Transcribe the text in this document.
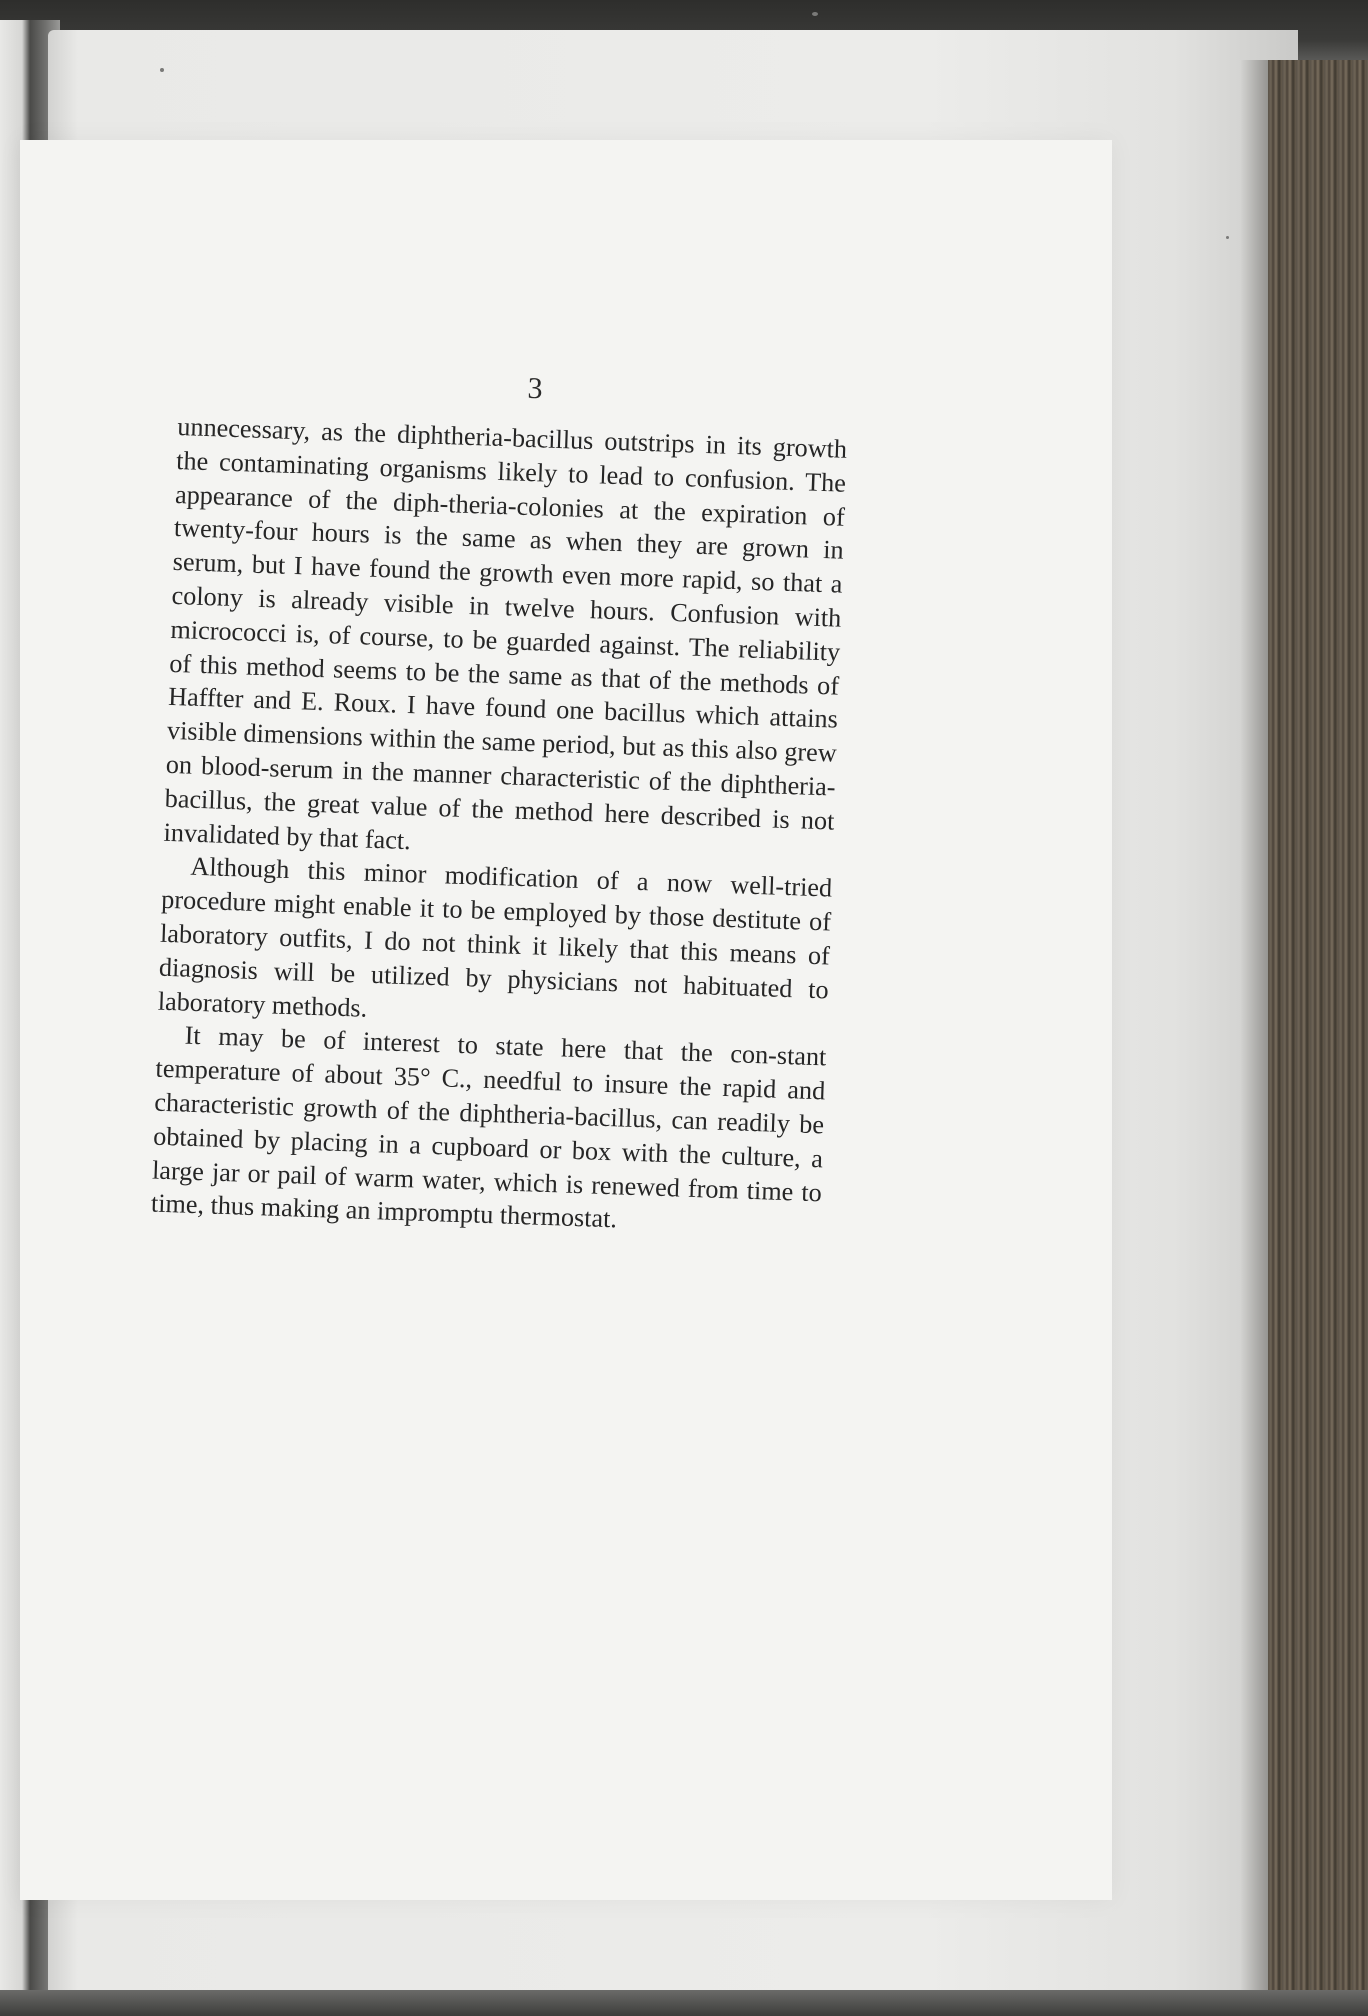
3

unnecessary, as the diphtheria-bacillus outstrips in its growth the contaminating organisms likely to lead to confusion. The appearance of the diph-theria-colonies at the expiration of twenty-four hours is the same as when they are grown in serum, but I have found the growth even more rapid, so that a colony is already visible in twelve hours. Confusion with micrococci is, of course, to be guarded against. The reliability of this method seems to be the same as that of the methods of Haffter and E. Roux. I have found one bacillus which attains visible dimensions within the same period, but as this also grew on blood-serum in the manner characteristic of the diphtheria-bacillus, the great value of the method here described is not invalidated by that fact.

Although this minor modification of a now well-tried procedure might enable it to be employed by those destitute of laboratory outfits, I do not think it likely that this means of diagnosis will be utilized by physicians not habituated to laboratory methods.

It may be of interest to state here that the con-stant temperature of about 35° C., needful to insure the rapid and characteristic growth of the diphtheria-bacillus, can readily be obtained by placing in a cupboard or box with the culture, a large jar or pail of warm water, which is renewed from time to time, thus making an impromptu thermostat.
